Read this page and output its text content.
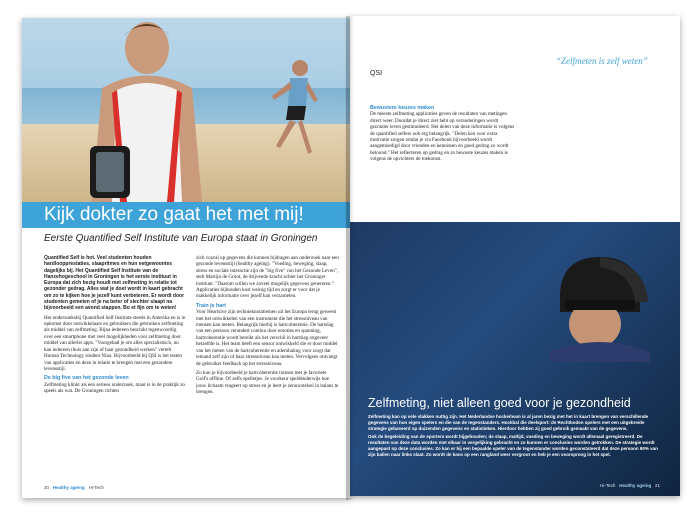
Kijk dokter zo gaat het met mij!
Eerste Quantified Self Institute van Europa staat in Groningen

Quantified Self is hot. Veel studenten houden hardloopprestaties, slaapritmes en hun eetgewoontes dagelijks bij. Het Quantified Self Institute van de Hanzehogeschool in Groningen is het eerste instituut in Europa dat zich bezig houdt met zelfmeting in relatie tot gezonder gedrag. Alles wat je doet wordt in kaart gebracht om zo te kijken hoe je jezelf kunt verbeteren. Er wordt door studenten gemeten of je na beter of slechter slaapt na bijvoorbeeld een avond stappen. Bo et fijn om te weten!

Het onderzoeksbij Quantified Self Institute steeds in Amerika en is in opkomst door ontwikkelaars en gebruikers die gebruiken zelfmeting als middel van zelfmeting. Bijna iedereen beschikt tegenwoordig over een smartphone met veel mogelijkheden voor zelfmeting door middel van allerlei apps. "Voorgehad je om alles specialistisch, nu kan iedereen thuis aan zijn of haar gezondheid werken" vertelt Human Technology student Nina. Bijvoorbeeld bij QSI is het testen van applicaties en deze in relatie te brengen met een gezondere levensstijl.

De big five van het gezonde leven

Zelfmeting klinkt als een serieus onderzoek, maar is in de praktijk zo speels als wat. De Groningen richten

zich vooral op gegevens die kunnen bijdragen aan onderzoek naar een gezonde levensstijl (healthy ageing). "Voeding, beweging, slaap, stress en sociale interactie zijn de "big five" van het Gezonde Leven", stelt Martijn de Groot, de drijvende kracht achter het Groninger instituut. "Daarom willen we zoveel mogelijk gegevens genereren." Applicaties bijhouden kost weinig tijd en zorgt er voor dat je makkelijk informatie over jezelf kan verzamelen.

Train je hart

Voor Heartsive zijn technieknotatiemen uit het Europa terug geweest met het ontwikkelen van een instrument die het stressniveau van mensen kan meten. Belangrijk hierbij is hartcoherentie. De hartslag van een persoon verandert continu door emoties en spanning, hartcoherentie wordt bereikt als het verschil in hartslag ongeveer hetzelfde is. Het team heeft een sensor ontwikkeld die er door middel van het meten van de hartcoherentie en ademhaling voor zorgt dat iemand zelf zijn of haar stressniveau kan meten. Vervolgens ontvangt de gebruiker feedback op het stressniveau.

Zo kun je bijvoorbeeld je hartcoherentie trainen met je favoriete Golf's offline. Of zelfs spelletjes. Je voorkeur speldenderwijs hoe jouw lichaam reageert op stress en je leert je zenuwstelsel in balans te brengen.

20 Healthy ageing Hi-Tech
“Zelfmeten is zelf weten”
QSI
Bewustere keuzes maken

De meeste zelfmeting applicaties geven de resultaten van metingen direct weer. Doordat je direct ziet hebt op veranderingen wordt gezonder leven gestimuleerd. Het delen van deze informatie is volgens de quantified selfers ook erg belangrijk. "Delen kan voor extra motivatie zorgen omdat je via Facebook bijvoorbeeld wordt aangemoedigd door vrienden en kennissen en goed gedrag zo wordt beloond." Het reflecteren op gedrag en zo bewuste keuzes maken is volgens de opvichters de toekomst.

Zelfmeting, niet alleen goed voor je gezondheid

Zelfmeting kan op vele vlakken nuttig zijn. Het Nederlandse hockeiteam is al jaren bezig met het in kaart brengen van verschillende gegevens van hun eigen spelers en die van de tegenstanders. Hockbal die deelsport: de Rechtboden spelers met een uitgebreide strategie gebaseerd op duizenden gegevens en statistieken. Hierdoor hebben zij goed gebruik gemaakt van de gegevens.

Ook de begeleiding van de sporters wordt bijgehouden; de slaap, maltijd, voeding en beweging wordt allemaal geregistreerd. De resultaten van deze data worden met elkaar in vergelijking gebracht en zo kunnen er conclusies worden getrokken. De strategie wordt aangepast op deze conclusies. Zo kan er bij een bepaalde speler van de tegenstander worden geconstateerd dat deze persoon 90% van zijn ballen naar links slaat. Zo wordt de kans op een rangland weer vergroot en heb je een voorsprong in het spel.

Hi-Tech Healthy ageing 21
